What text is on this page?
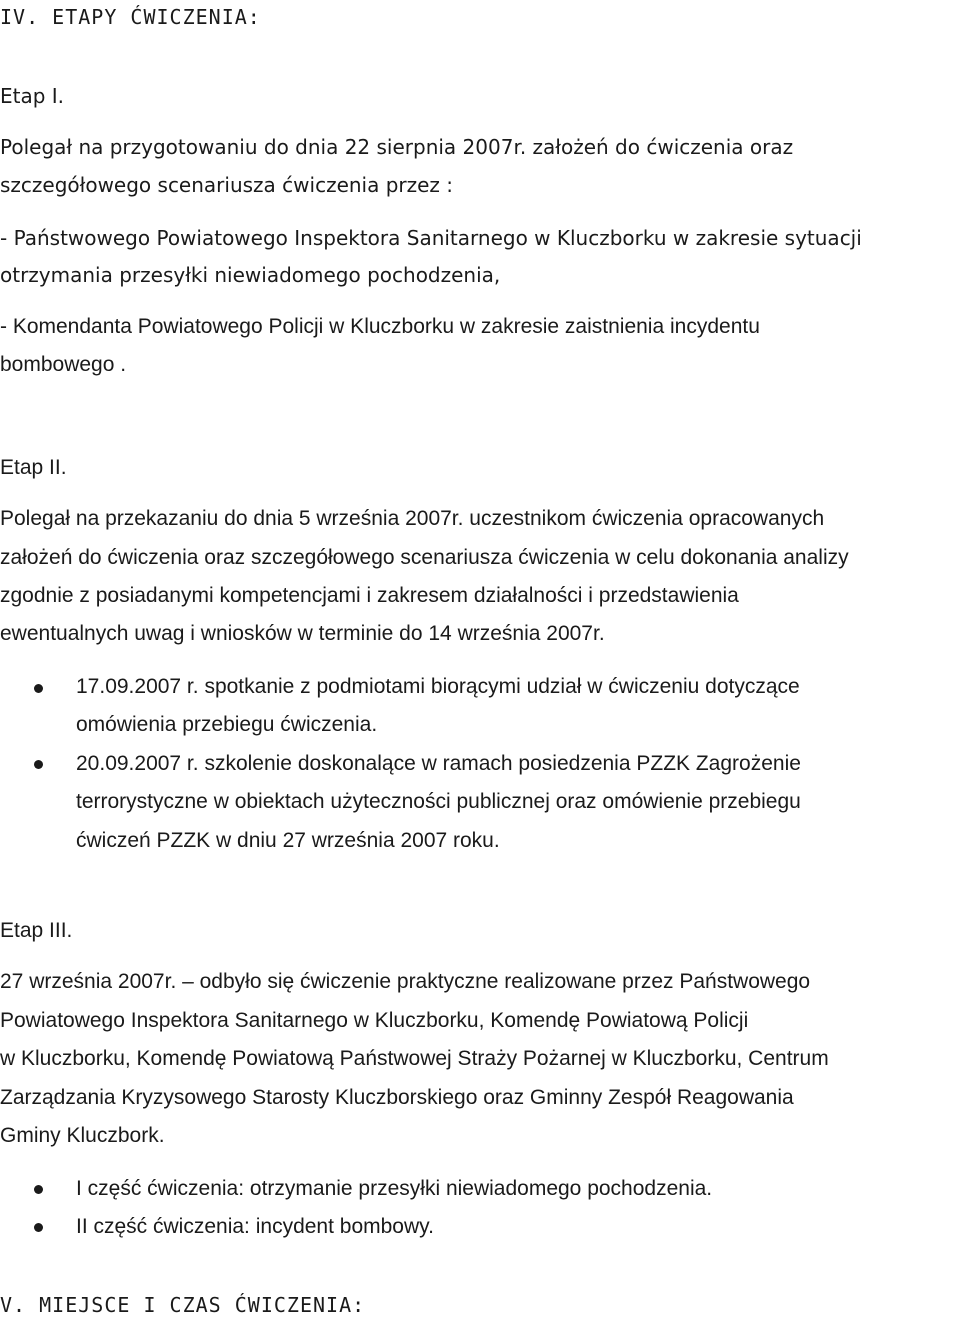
IV. ETAPY ĆWICZENIA:
Etap I.
Polegał na przygotowaniu do dnia 22 sierpnia 2007r. założeń do ćwiczenia oraz
szczegółowego scenariusza ćwiczenia przez :
- Państwowego Powiatowego Inspektora Sanitarnego w Kluczborku w zakresie sytuacji
otrzymania przesyłki niewiadomego pochodzenia,
- Komendanta Powiatowego Policji w Kluczborku w zakresie zaistnienia incydentu
bombowego .
Etap II.
Polegał na przekazaniu do dnia 5 września 2007r. uczestnikom ćwiczenia opracowanych
założeń do ćwiczenia oraz szczegółowego scenariusza ćwiczenia w celu dokonania analizy
zgodnie z posiadanymi kompetencjami i zakresem działalności i przedstawienia
ewentualnych uwag i wniosków w terminie do 14 września 2007r.
17.09.2007 r. spotkanie z podmiotami biorącymi udział w ćwiczeniu dotyczące
omówienia przebiegu ćwiczenia.
20.09.2007 r. szkolenie doskonalące w ramach posiedzenia PZZK Zagrożenie
terrorystyczne w obiektach użyteczności publicznej oraz omówienie przebiegu
ćwiczeń PZZK w dniu 27 września 2007 roku.
Etap III.
27 września 2007r. – odbyło się ćwiczenie praktyczne realizowane przez Państwowego
Powiatowego Inspektora Sanitarnego w Kluczborku, Komendę Powiatową Policji
w Kluczborku, Komendę Powiatową Państwowej Straży Pożarnej w Kluczborku, Centrum
Zarządzania Kryzysowego Starosty Kluczborskiego oraz Gminny Zespół Reagowania
Gminy Kluczbork.
I część ćwiczenia: otrzymanie przesyłki niewiadomego pochodzenia.
II część ćwiczenia: incydent bombowy.
V. MIEJSCE I CZAS ĆWICZENIA:
